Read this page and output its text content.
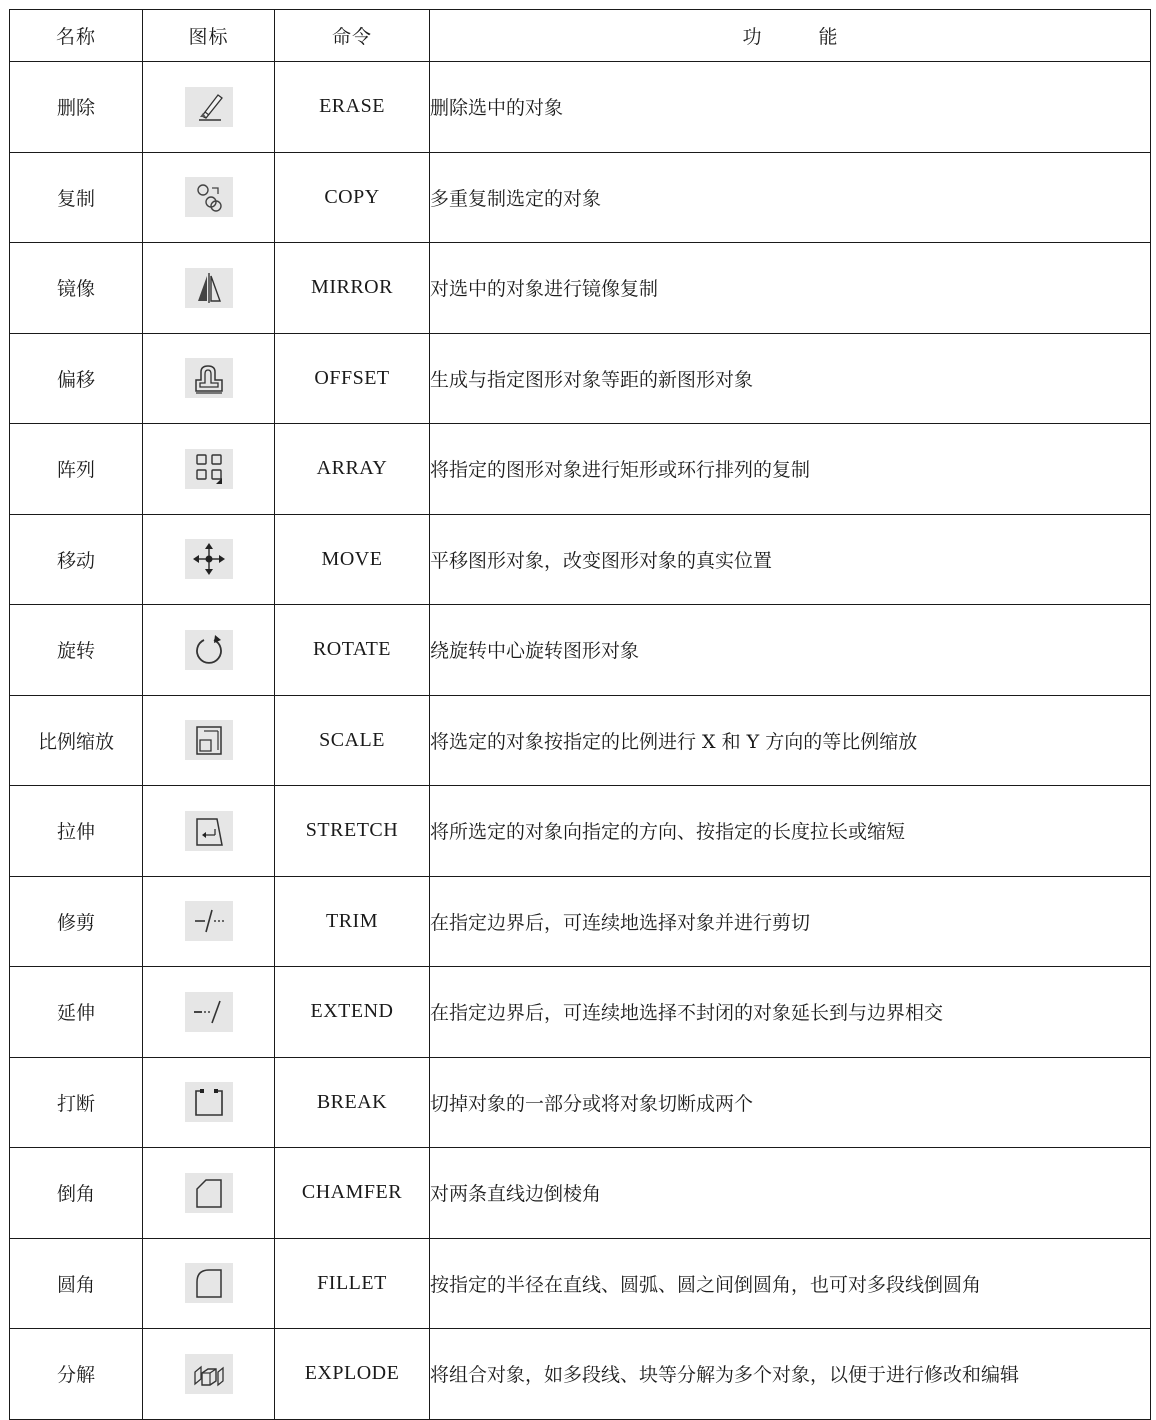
名称	图标	命令	功　　　能
删除		ERASE	删除选中的对象
复制		COPY	多重复制选定的对象
镜像		MIRROR	对选中的对象进行镜像复制
偏移		OFFSET	生成与指定图形对象等距的新图形对象
阵列		ARRAY	将指定的图形对象进行矩形或环行排列的复制
移动		MOVE	平移图形对象，改变图形对象的真实位置
旋转		ROTATE	绕旋转中心旋转图形对象
比例缩放		SCALE	将选定的对象按指定的比例进行 X 和 Y 方向的等比例缩放
拉伸		STRETCH	将所选定的对象向指定的方向、按指定的长度拉长或缩短
修剪		TRIM	在指定边界后，可连续地选择对象并进行剪切
延伸		EXTEND	在指定边界后，可连续地选择不封闭的对象延长到与边界相交
打断		BREAK	切掉对象的一部分或将对象切断成两个
倒角		CHAMFER	对两条直线边倒棱角
圆角		FILLET	按指定的半径在直线、圆弧、圆之间倒圆角，也可对多段线倒圆角
分解		EXPLODE	将组合对象，如多段线、块等分解为多个对象，以便于进行修改和编辑
